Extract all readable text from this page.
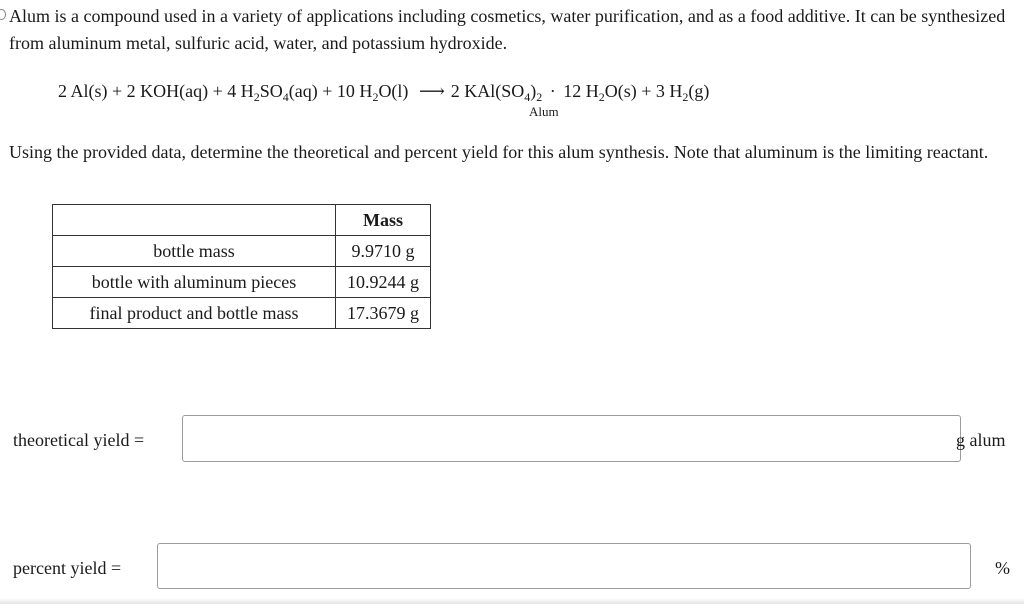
Alum is a compound used in a variety of applications including cosmetics, water purification, and as a food additive. It can be synthesized from aluminum metal, sulfuric acid, water, and potassium hydroxide.
2 Al(s) + 2 KOH(aq) + 4 $H_2SO_4(aq) + 10$ $H_2O(l)$ ⟶ 2 $KAl(SO_4)_2 \cdot 12$ $H_2O(s) + 3$ $H_2(g)$
Alum
Using the provided data, determine the theoretical and percent yield for this alum synthesis. Note that aluminum is the limiting reactant.
	Mass
bottle mass	9.9710 g
bottle with aluminum pieces	10.9244 g
final product and bottle mass	17.3679 g
theoretical yield =	g alum
percent yield =	%
